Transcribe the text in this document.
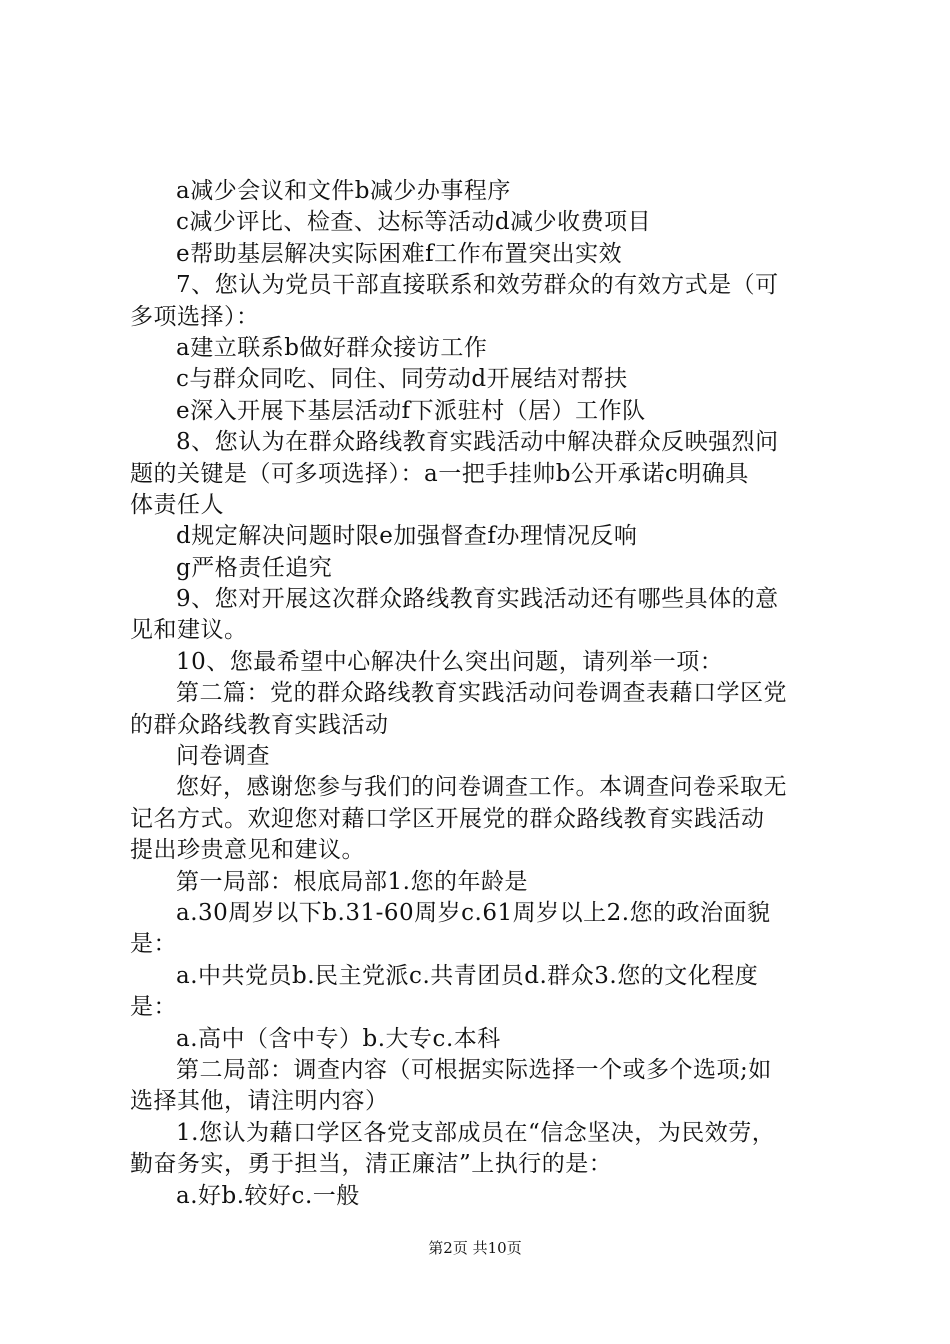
a减少会议和文件b减少办事程序
c减少评比、检查、达标等活动d减少收费项目
e帮助基层解决实际困难f工作布置突出实效
7、您认为党员干部直接联系和效劳群众的有效方式是（可
多项选择）：
a建立联系b做好群众接访工作
c与群众同吃、同住、同劳动d开展结对帮扶
e深入开展下基层活动f下派驻村（居）工作队
8、您认为在群众路线教育实践活动中解决群众反映强烈问
题的关键是（可多项选择）：a一把手挂帅b公开承诺c明确具
体责任人
d规定解决问题时限e加强督查f办理情况反响
g严格责任追究
9、您对开展这次群众路线教育实践活动还有哪些具体的意
见和建议。
10、您最希望中心解决什么突出问题，请列举一项：
第二篇：党的群众路线教育实践活动问卷调查表藉口学区党
的群众路线教育实践活动
问卷调查
您好，感谢您参与我们的问卷调查工作。本调查问卷采取无
记名方式。欢迎您对藉口学区开展党的群众路线教育实践活动
提出珍贵意见和建议。
第一局部：根底局部1.您的年龄是
a.30周岁以下b.31-60周岁c.61周岁以上2.您的政治面貌
是：
a.中共党员b.民主党派c.共青团员d.群众3.您的文化程度
是：
a.高中（含中专）b.大专c.本科
第二局部：调查内容（可根据实际选择一个或多个选项;如
选择其他，请注明内容）
1.您认为藉口学区各党支部成员在“信念坚决，为民效劳，
勤奋务实，勇于担当，清正廉洁”上执行的是：
a.好b.较好c.一般
第2页 共10页
